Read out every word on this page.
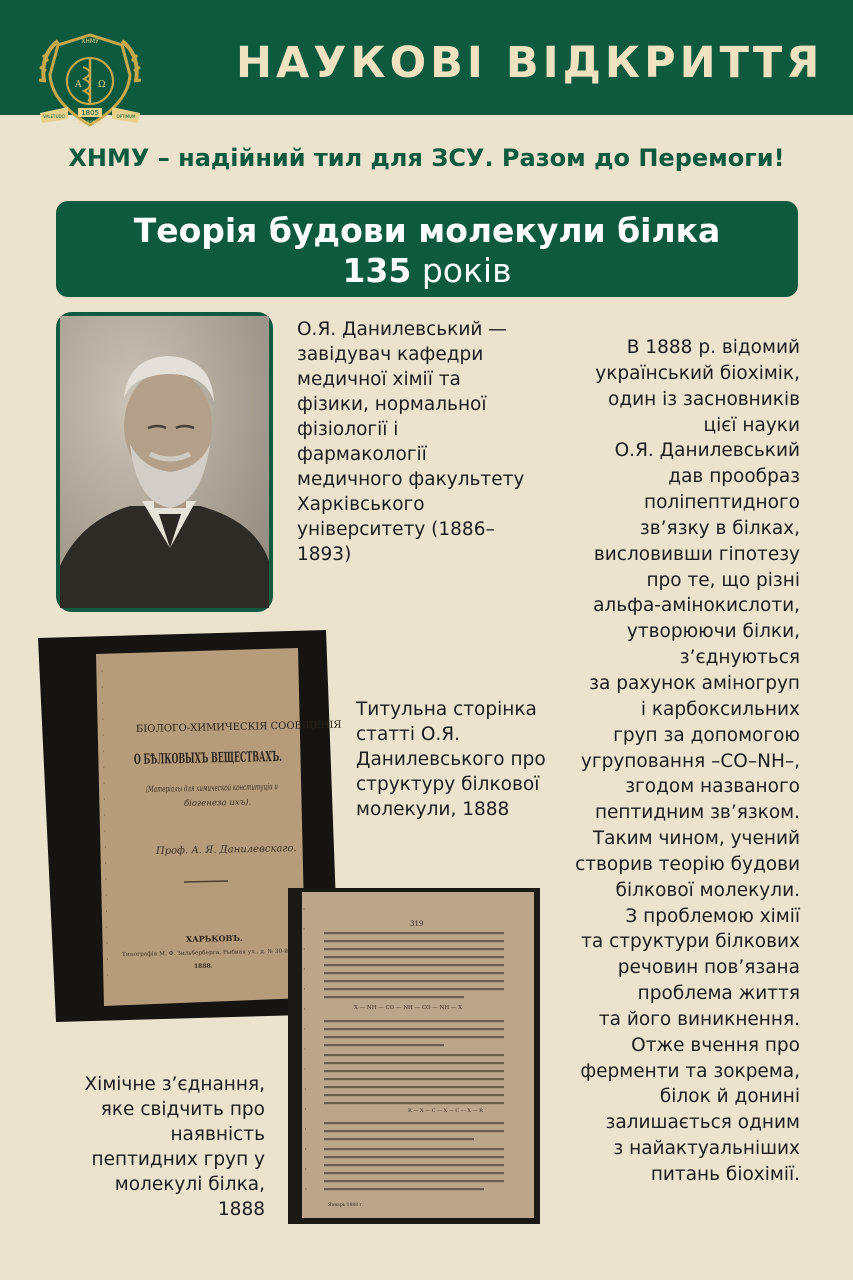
A Ω
ХНМУ
1805
VALETUDO
EST BONUM
OPTIMUM
НАУКОВІ ВІДКРИТТЯ
ХНМУ – надійний тил для ЗСУ. Разом до Перемоги!
Теорія будови молекули білка
135 років
О.Я. Данилевський — завідувач кафедри медичної хімії та фізики, нормальної фізіології і фармакології медичного факультету Харківського університету (1886–1893)
В 1888 р. відомий
український біохімік,
один із засновників
цієї науки
О.Я. Данилевський
дав прообраз
поліпептидного
зв’язку в білках,
висловивши гіпотезу
про те, що різні
альфа-амінокислоти,
утворюючи білки,
з’єднуються
за рахунок аміногруп
і карбоксильних
груп за допомогою
угруповання –CO–NH–,
згодом названого
пептидним зв’язком.
Таким чином, учений
створив теорію будови
білкової молекули.
З проблемою хімії
та структури білкових
речовин пов’язана
проблема життя
та його виникнення.
Отже вчення про
ферменти та зокрема,
білок й донині
залишається одним
з найактуальніших
питань біохімії.
БІОЛОГО-ХИМИЧЕСКІЯ СООБЩЕНІЯ
О БѢЛКОВЫХЪ ВЕЩЕСТВАХЪ.
(Матеріалы для химической конституціи и
біогенеза ихъ).
Проф. А. Я. Данилевскаго.
ХАРЬКОВЪ.
Типографія М. Ф. Зильберберга, Рыбная ул., д. № 30-й.
1888.
319
X — NH — CO — NH — CO — NH — X
R — X — C — X — C — X — R
Январь 1888 г.
Титульна сторінка статті О.Я. Данилевського про структуру білкової молекули, 1888
Хімічне з’єднання, яке свідчить про наявність пептидних груп у молекулі білка, 1888
